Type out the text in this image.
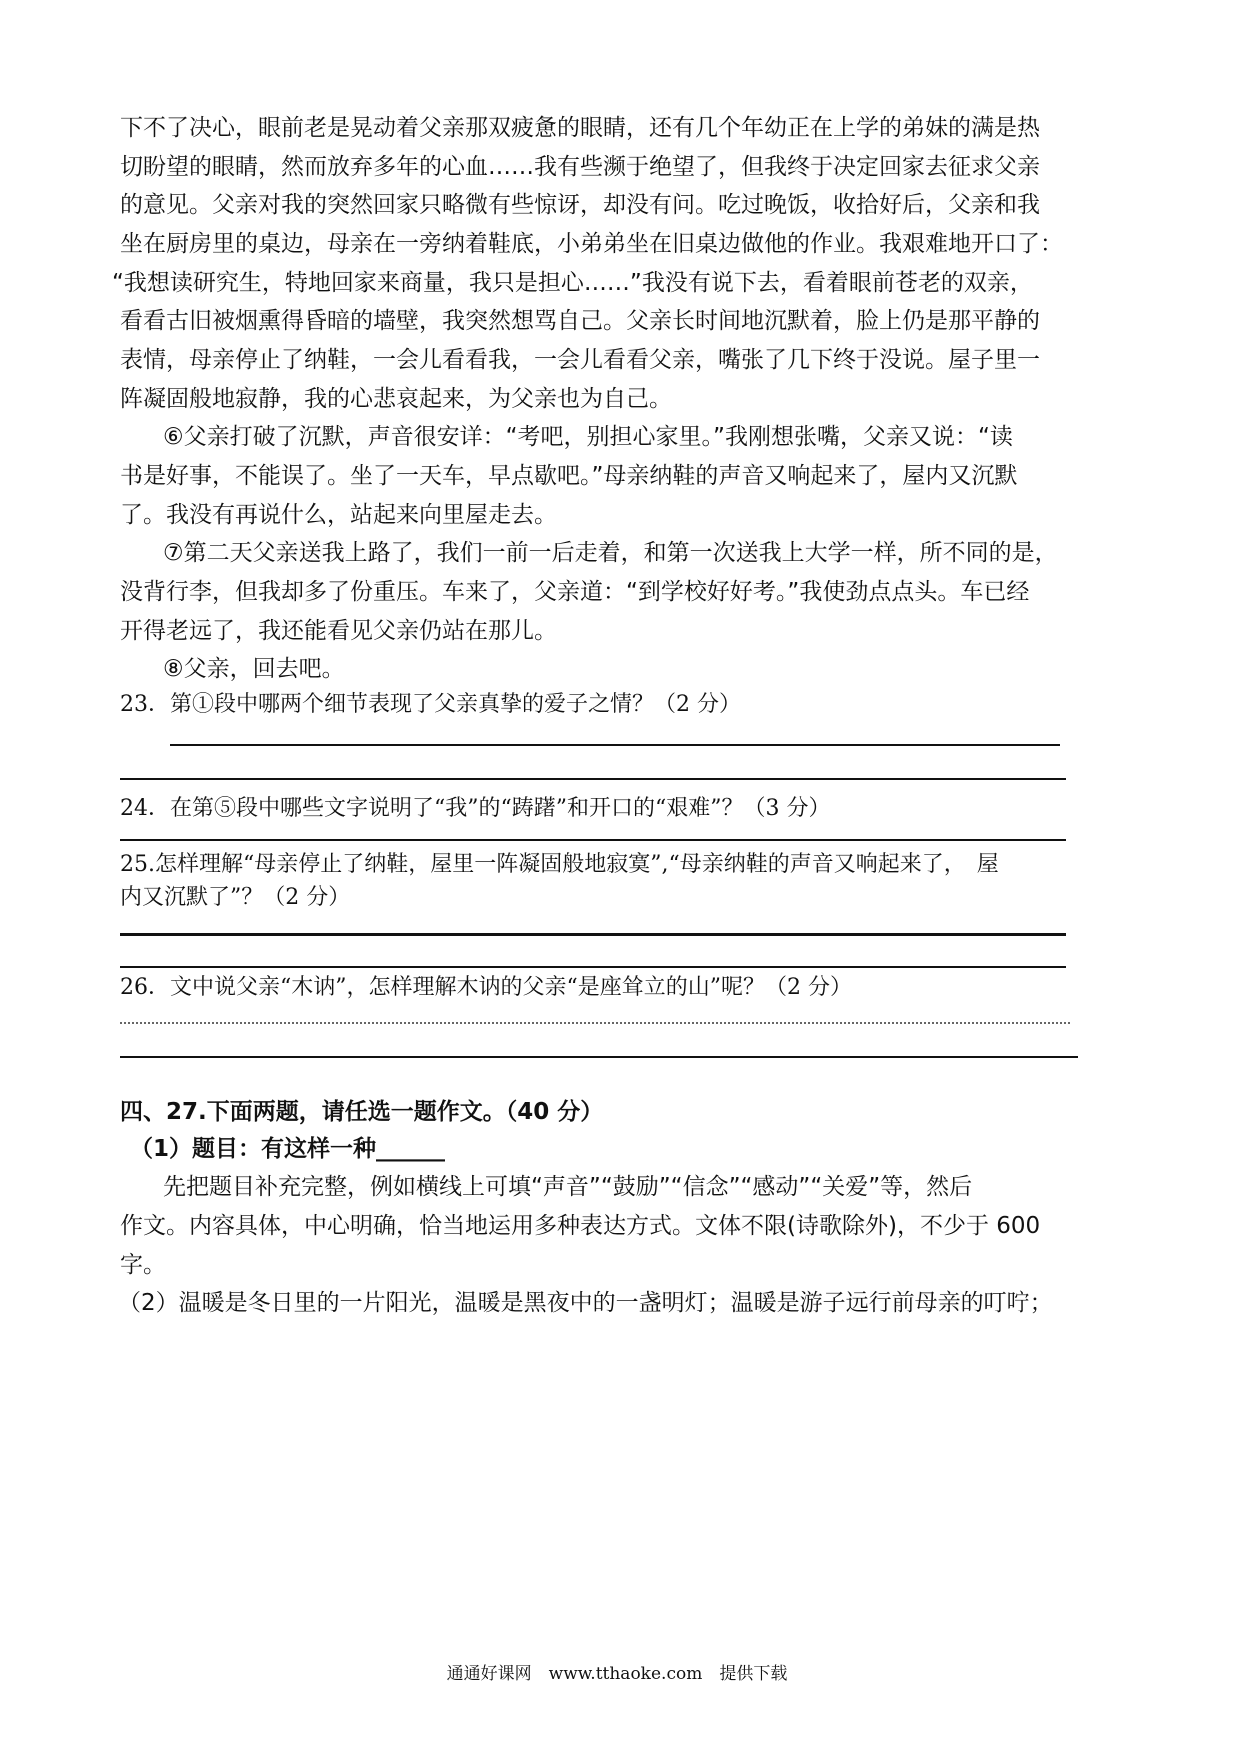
下不了决心，眼前老是晃动着父亲那双疲惫的眼睛，还有几个年幼正在上学的弟妹的满是热
切盼望的眼睛，然而放弃多年的心血……我有些濒于绝望了，但我终于决定回家去征求父亲
的意见。父亲对我的突然回家只略微有些惊讶，却没有问。吃过晚饭，收拾好后，父亲和我
坐在厨房里的桌边，母亲在一旁纳着鞋底，小弟弟坐在旧桌边做他的作业。我艰难地开口了：
“我想读研究生，特地回家来商量，我只是担心……”我没有说下去，看着眼前苍老的双亲，
看看古旧被烟熏得昏暗的墙壁，我突然想骂自己。父亲长时间地沉默着，脸上仍是那平静的
表情，母亲停止了纳鞋，一会儿看看我，一会儿看看父亲，嘴张了几下终于没说。屋子里一
阵凝固般地寂静，我的心悲哀起来，为父亲也为自己。
⑥父亲打破了沉默，声音很安详：“考吧，别担心家里。”我刚想张嘴，父亲又说：“读
书是好事，不能误了。坐了一天车，早点歇吧。”母亲纳鞋的声音又响起来了，屋内又沉默
了。我没有再说什么，站起来向里屋走去。
⑦第二天父亲送我上路了，我们一前一后走着，和第一次送我上大学一样，所不同的是，
没背行李，但我却多了份重压。车来了，父亲道：“到学校好好考。”我使劲点点头。车已经
开得老远了，我还能看见父亲仍站在那儿。
⑧父亲，回去吧。
23．第①段中哪两个细节表现了父亲真挚的爱子之情？（2 分）
24．在第⑤段中哪些文字说明了“我”的“踌躇”和开口的“艰难”？（3 分）
25.怎样理解“母亲停止了纳鞋，屋里一阵凝固般地寂寞”,“母亲纳鞋的声音又响起来了，　屋
内又沉默了”？（2 分）
26．文中说父亲“木讷”，怎样理解木讷的父亲“是座耸立的山”呢？（2 分）
四、27.下面两题，请任选一题作文。（40 分）
（1）题目：有这样一种______
先把题目补充完整，例如横线上可填“声音”“鼓励”“信念”“感动”“关爱”等，然后
作文。内容具体，中心明确，恰当地运用多种表达方式。文体不限(诗歌除外)，不少于 600
字。
（2）温暖是冬日里的一片阳光，温暖是黑夜中的一盏明灯；温暖是游子远行前母亲的叮咛；
通通好课网　www.tthaoke.com　提供下载
